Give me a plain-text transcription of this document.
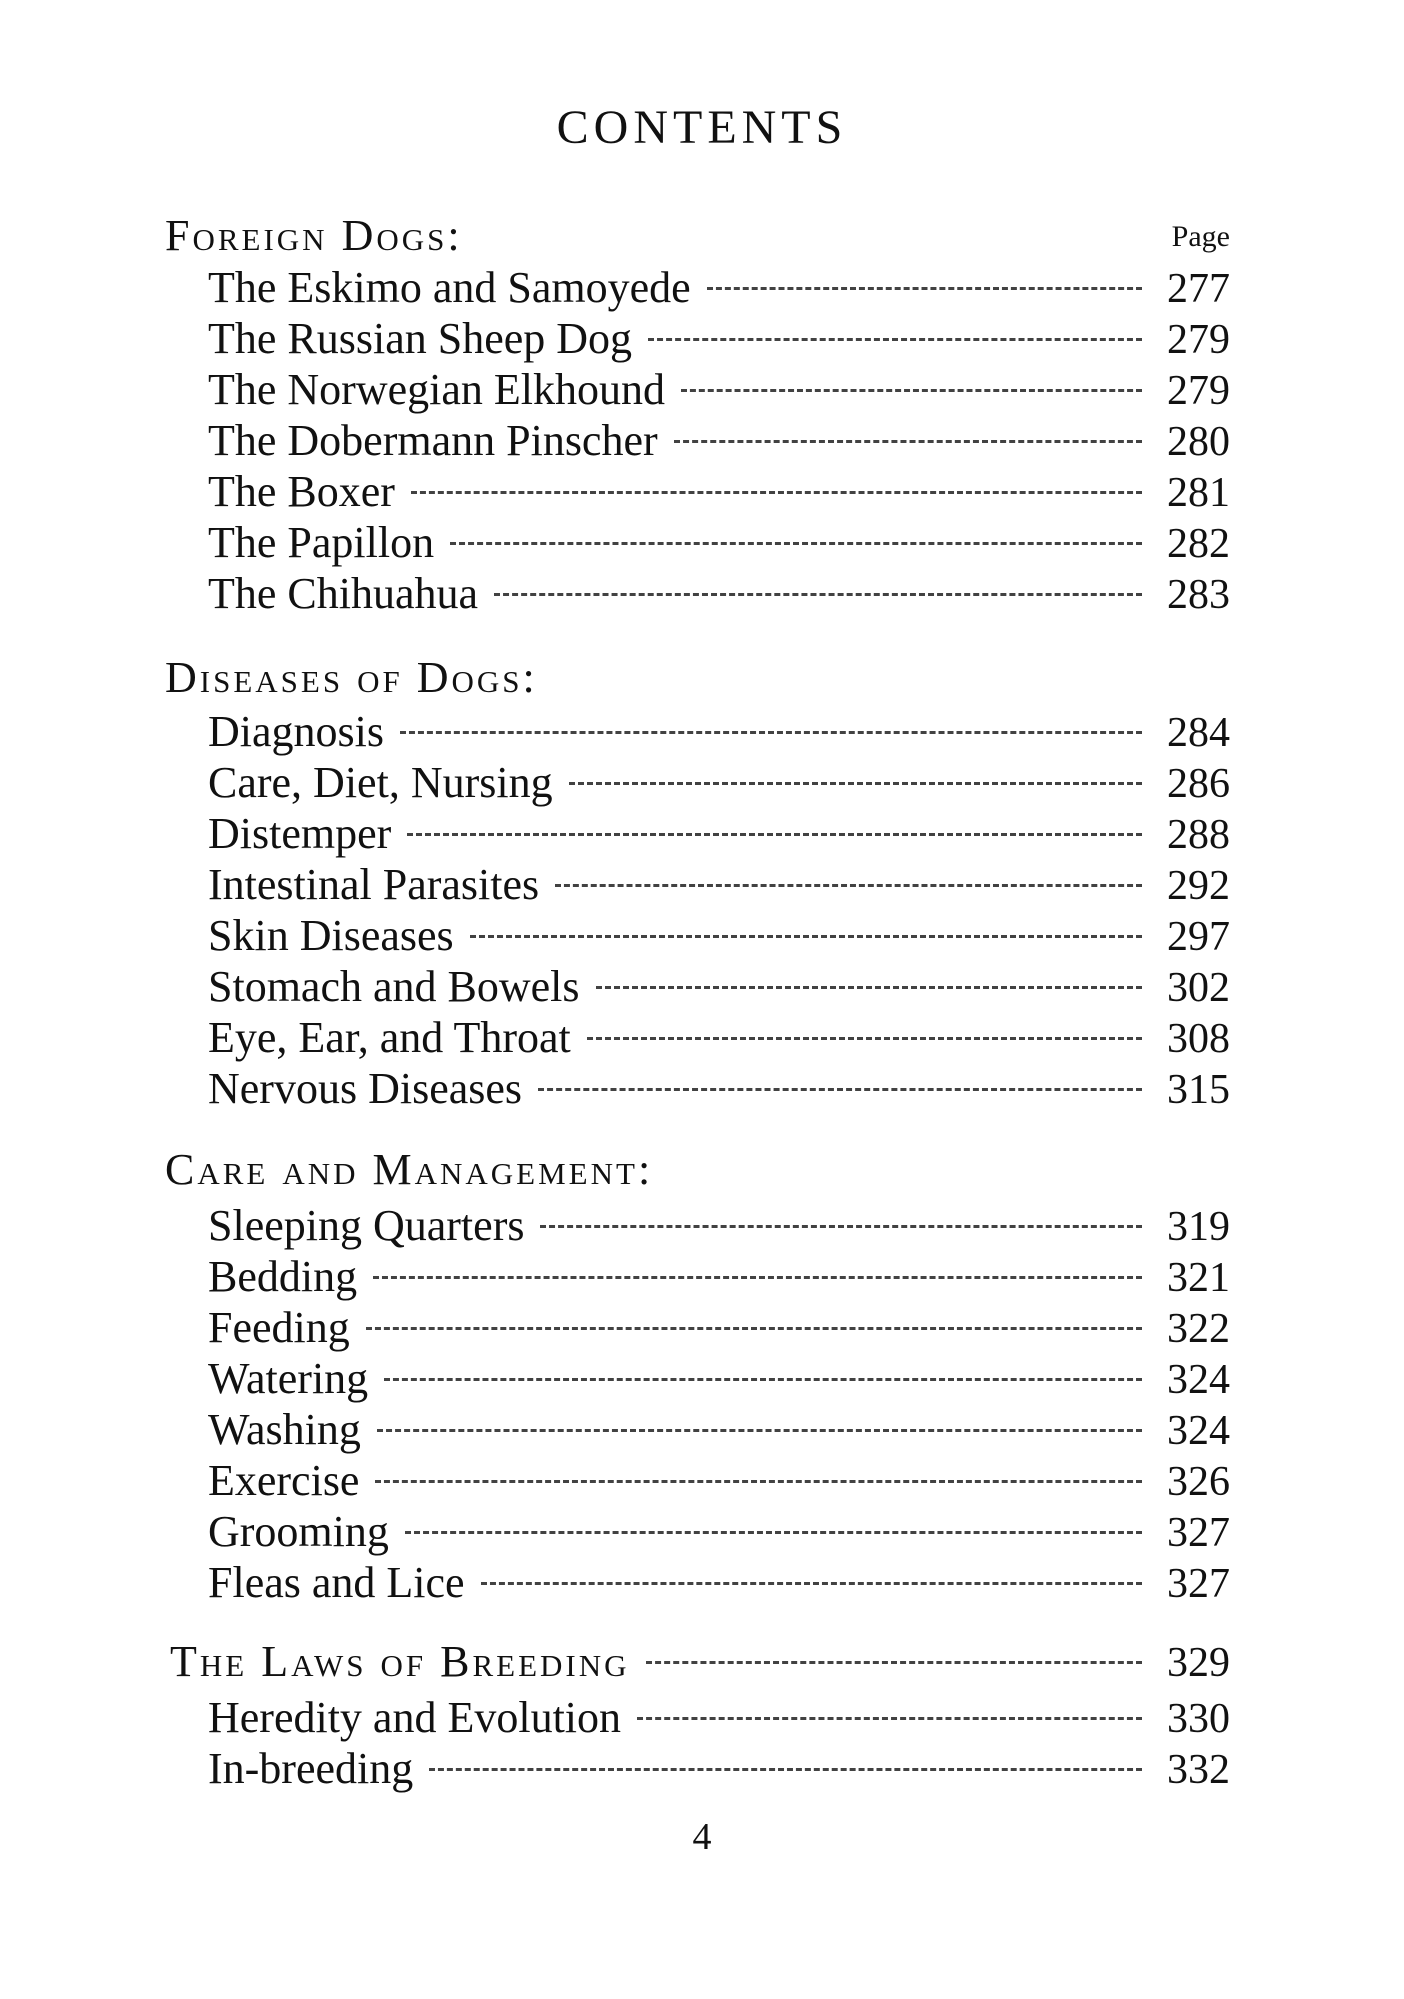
CONTENTS
Page
Foreign Dogs:
The Eskimo and Samoyede	277
The Russian Sheep Dog	279
The Norwegian Elkhound	279
The Dobermann Pinscher	280
The Boxer	281
The Papillon	282
The Chihuahua	283
Diseases of Dogs:
Diagnosis	284
Care, Diet, Nursing	286
Distemper	288
Intestinal Parasites	292
Skin Diseases	297
Stomach and Bowels	302
Eye, Ear, and Throat	308
Nervous Diseases	315
Care and Management:
Sleeping Quarters	319
Bedding	321
Feeding	322
Watering	324
Washing	324
Exercise	326
Grooming	327
Fleas and Lice	327
The Laws of Breeding	329
Heredity and Evolution	330
In-breeding	332
4
